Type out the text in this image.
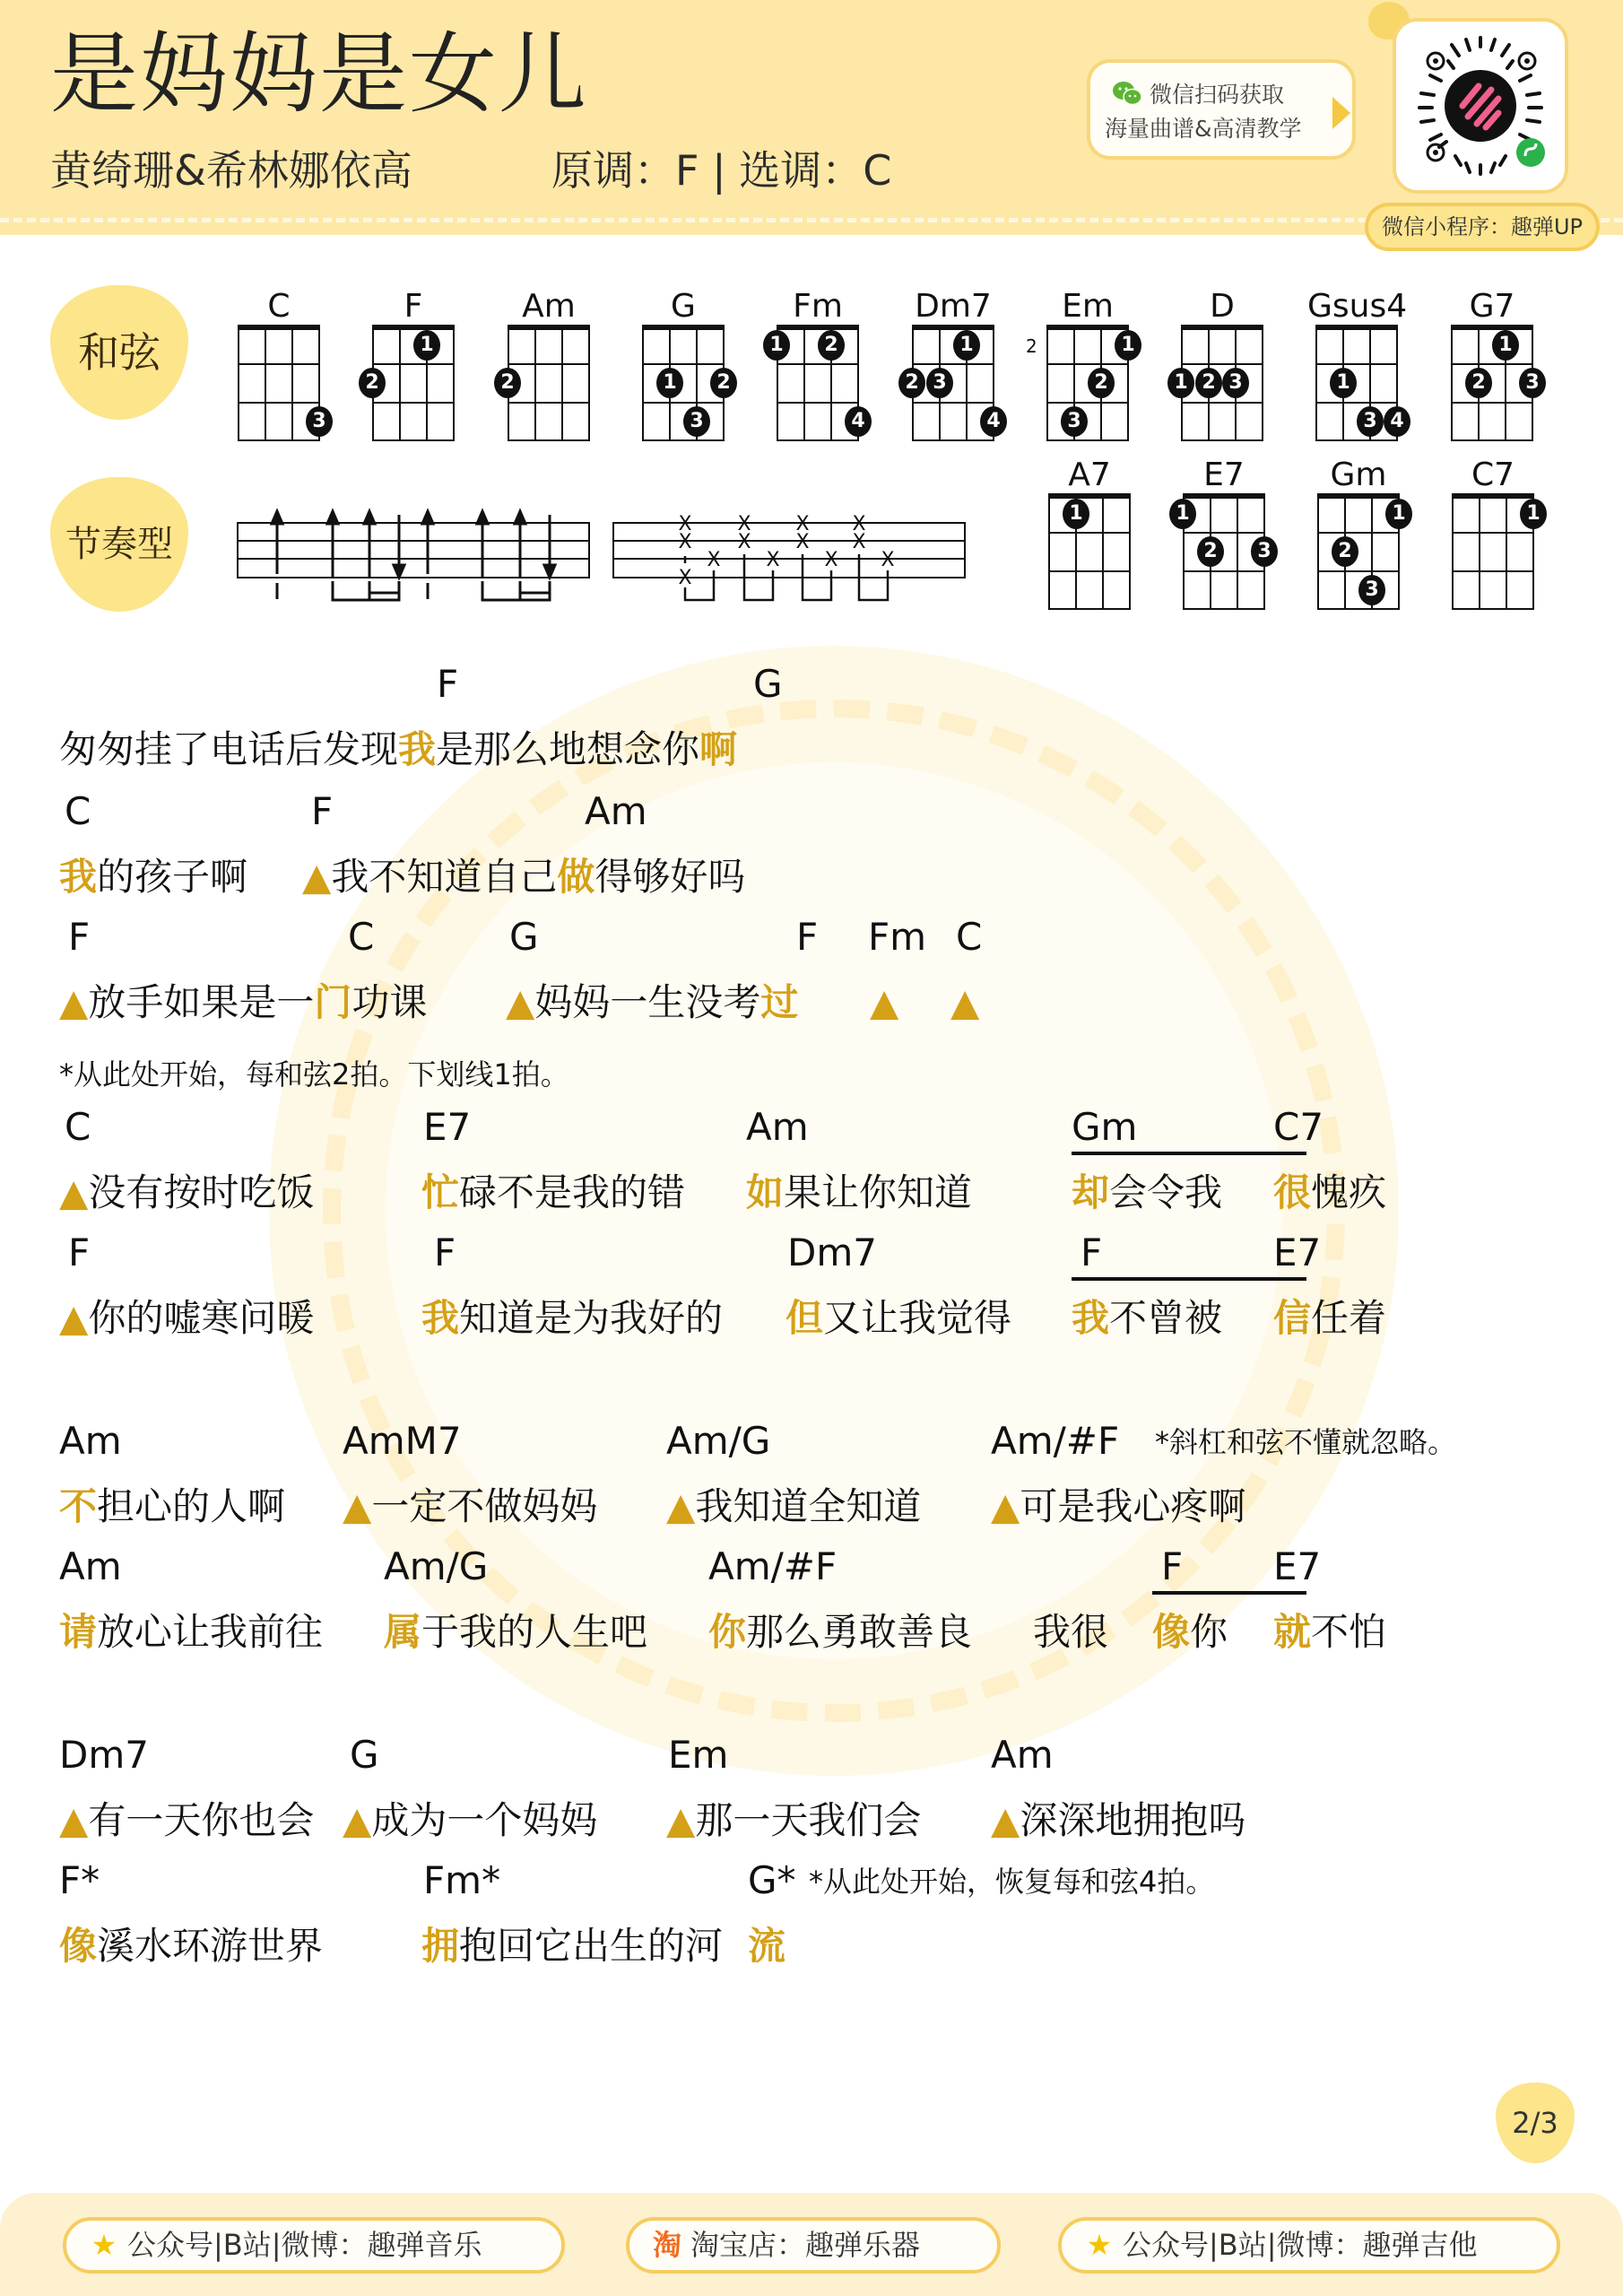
是妈妈是女儿
黄绮珊&希林娜依高	原调：F | 选调：C
微信扫码获取
海量曲谱&高清教学
微信小程序：趣弹UP
和弦
节奏型
C
3
F
1
2
Am
2
G
1	2
3
Fm
1	2
4
Dm7
1
2 3
4
Em
2	1
2
3
D
1 2 3
Gsus4
1
3 4
G7
1
2	3
A7
1
E7
1
2	3
Gm
1
2
3
C7
1
X
X
X
X
X
X
X
X
X
X
X
X
X
F	G
匆匆挂了电话后发现我是那么地想念你啊
C	F	Am
我的孩子啊 ▲我不知道自己做得够好吗
F	C	G	F Fm C
▲放手如果是一门功课 ▲妈妈一生没考过 ▲ ▲
*从此处开始，每和弦2拍。下划线1拍。
C	E7	Am	Gm	C7
▲没有按时吃饭	忙碌不是我的错 如果让你知道	却会令我 很愧疚
F	F	Dm7	F	E7
▲你的嘘寒问暖	我知道是为我好的 但又让我觉得 我不曾被 信任着
Am	AmM7	Am/G	Am/#F *斜杠和弦不懂就忽略。
不担心的人啊 ▲一定不做妈妈 ▲我知道全知道 ▲可是我心疼啊
Am	Am/G	Am/#F	F E7
请放心让我前往 属于我的人生吧 你那么勇敢善良 我很 像你 就不怕
Dm7	G	Em	Am
▲有一天你也会 ▲成为一个妈妈 ▲那一天我们会 ▲深深地拥抱吗
F*	Fm*	G* *从此处开始，恢复每和弦4拍。
像溪水环游世界	拥抱回它出生的河 流
2/3
★ 公众号|B站|微博：趣弹音乐	淘 淘宝店：趣弹乐器	★ 公众号|B站|微博：趣弹吉他
